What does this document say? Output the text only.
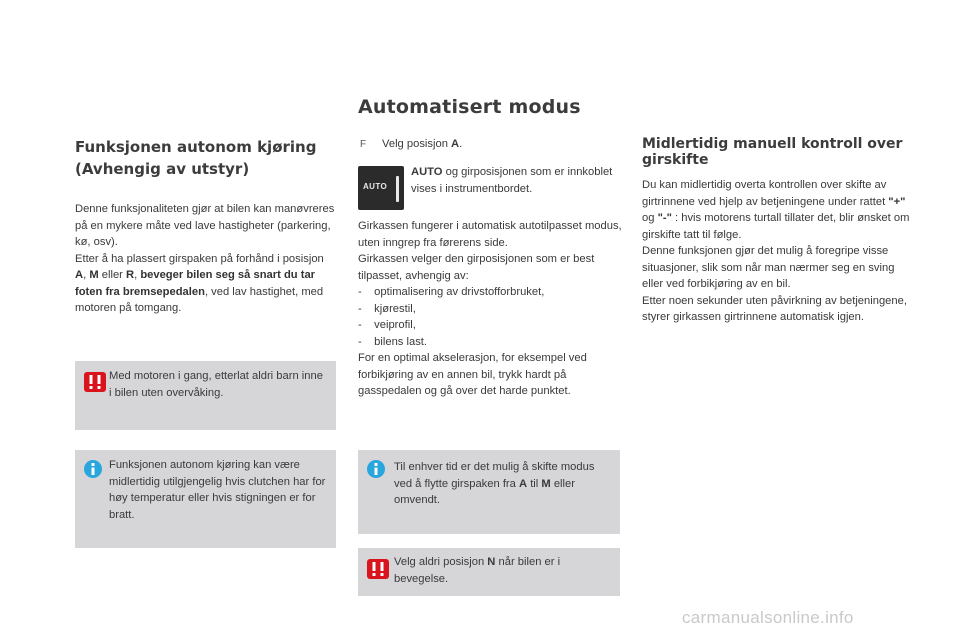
Automatisert modus
Funksjonen autonom kjøring
(Avhengig av utstyr)
Denne funksjonaliteten gjør at bilen kan manøvreres på en mykere måte ved lave hastigheter (parkering, kø, osv).
Etter å ha plassert girspaken på forhånd i posisjon A, M eller R, beveger bilen seg så snart du tar foten fra bremsepedalen, ved lav hastighet, med motoren på tomgang.
Med motoren i gang, etterlat aldri barn inne i bilen uten overvåking.
Funksjonen autonom kjøring kan være midlertidig utilgjengelig hvis clutchen har for høy temperatur eller hvis stigningen er for bratt.
F Velg posisjon A.
AUTO
AUTO og girposisjonen som er innkoblet vises i instrumentbordet.
Girkassen fungerer i automatisk autotilpasset modus, uten inngrep fra førerens side.
Girkassen velger den girposisjonen som er best tilpasset, avhengig av:
-    optimalisering av drivstofforbruket,
-    kjørestil,
-    veiprofil,
-    bilens last.
For en optimal akselerasjon, for eksempel ved forbikjøring av en annen bil, trykk hardt på gasspedalen og gå over det harde punktet.
Til enhver tid er det mulig å skifte modus ved å flytte girspaken fra A til M eller omvendt.
Velg aldri posisjon N når bilen er i bevegelse.
Midlertidig manuell kontroll over
girskifte
Du kan midlertidig overta kontrollen over skifte av girtrinnene ved hjelp av betjeningene under rattet "+" og "-" : hvis motorens turtall tillater det, blir ønsket om girskifte tatt til følge.
Denne funksjonen gjør det mulig å foregripe visse situasjoner, slik som når man nærmer seg en sving eller ved forbikjøring av en bil.
Etter noen sekunder uten påvirkning av betjeningene, styrer girkassen girtrinnene automatisk igjen.
carmanualsonline.info
